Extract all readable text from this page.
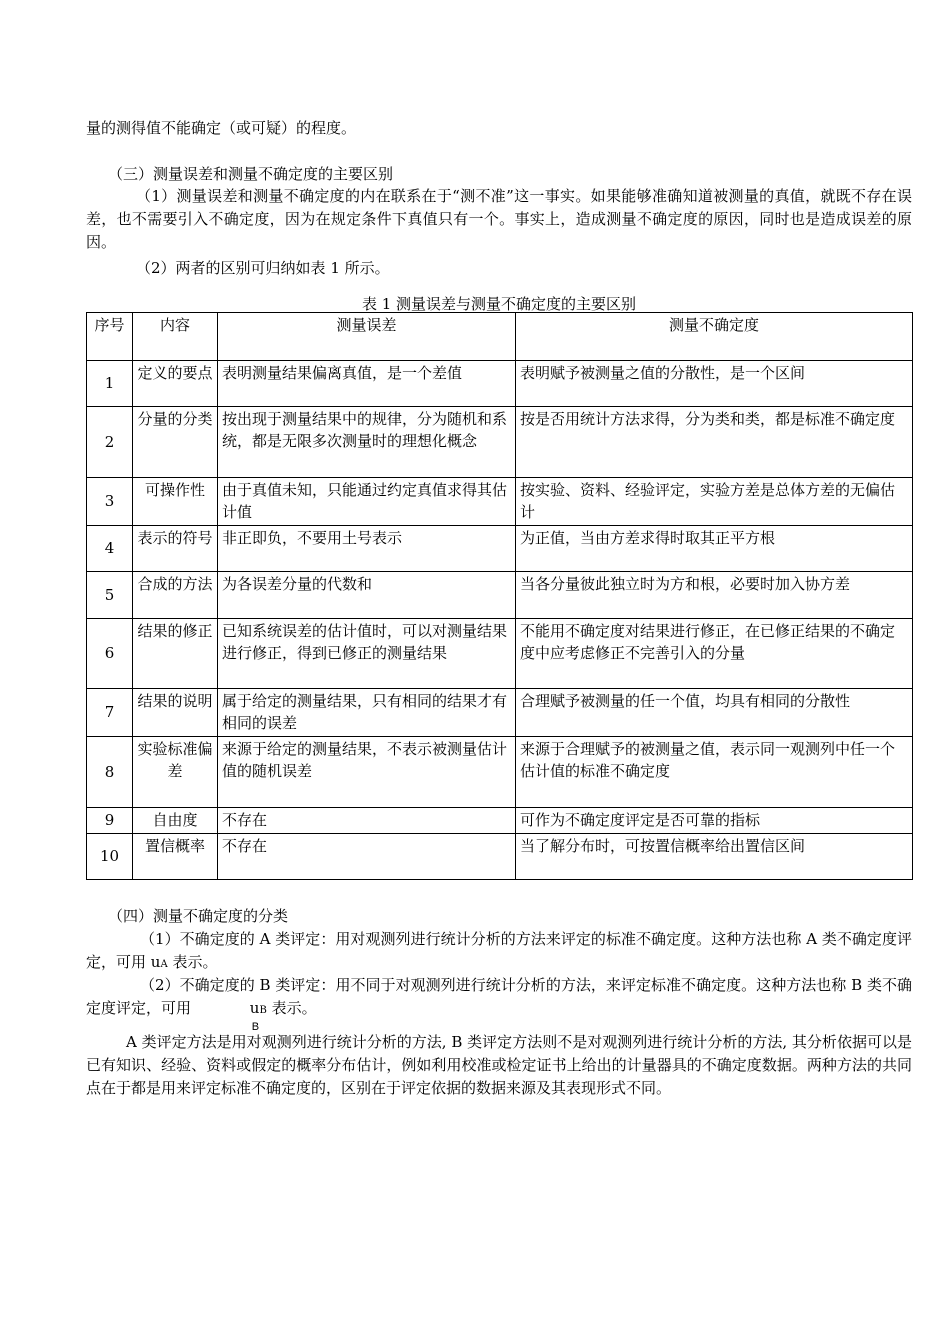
量的测得值不能确定（或可疑）的程度。
（三）测量误差和测量不确定度的主要区别
（1）测量误差和测量不确定度的内在联系在于“测不准”这一事实。如果能够准确知道被测量的真值，就既不存在误差，也不需要引入不确定度，因为在规定条件下真值只有一个。事实上，造成测量不确定度的原因，同时也是造成误差的原因。
（2）两者的区别可归纳如表 1 所示。
表 1 测量误差与测量不确定度的主要区别
序号	内容	测量误差	测量不确定度
1	定义的要点	表明测量结果偏离真值，是一个差值	表明赋予被测量之值的分散性，是一个区间
2	分量的分类	按出现于测量结果中的规律，分为随机和系统，都是无限多次测量时的理想化概念	按是否用统计方法求得，分为类和类，都是标准不确定度
3	可操作性	由于真值未知，只能通过约定真值求得其估计值	按实验、资料、经验评定，实验方差是总体方差的无偏估计
4	表示的符号	非正即负，不要用土号表示	为正值，当由方差求得时取其正平方根
5	合成的方法	为各误差分量的代数和	当各分量彼此独立时为方和根，必要时加入协方差
6	结果的修正	已知系统误差的估计值时，可以对测量结果进行修正，得到已修正的测量结果	不能用不确定度对结果进行修正，在已修正结果的不确定度中应考虑修正不完善引入的分量
7	结果的说明	属于给定的测量结果，只有相同的结果才有相同的误差	合理赋予被测量的任一个值，均具有相同的分散性
8	实验标准偏差	来源于给定的测量结果，不表示被测量估计值的随机误差	来源于合理赋予的被测量之值，表示同一观测列中任一个估计值的标准不确定度
9	自由度	不存在	可作为不确定度评定是否可靠的指标
10	置信概率	不存在	当了解分布时，可按置信概率给出置信区间
（四）测量不确定度的分类
（1）不确定度的 A 类评定：用对观测列进行统计分析的方法来评定的标准不确定度。这种方法也称 A 类不确定度评定，可用 uA 表示。
（2）不确定度的 B 类评定：用不同于对观测列进行统计分析的方法，来评定标准不确定度。这种方法也称 B 类不确定度评定，可用	uB
B
表示。
A 类评定方法是用对观测列进行统计分析的方法, B 类评定方法则不是对观测列进行统计分析的方法, 其分析依据可以是已有知识、经验、资料或假定的概率分布估计，例如利用校准或检定证书上给出的计量器具的不确定度数据。两种方法的共同点在于都是用来评定标准不确定度的，区别在于评定依据的数据来源及其表现形式不同。
